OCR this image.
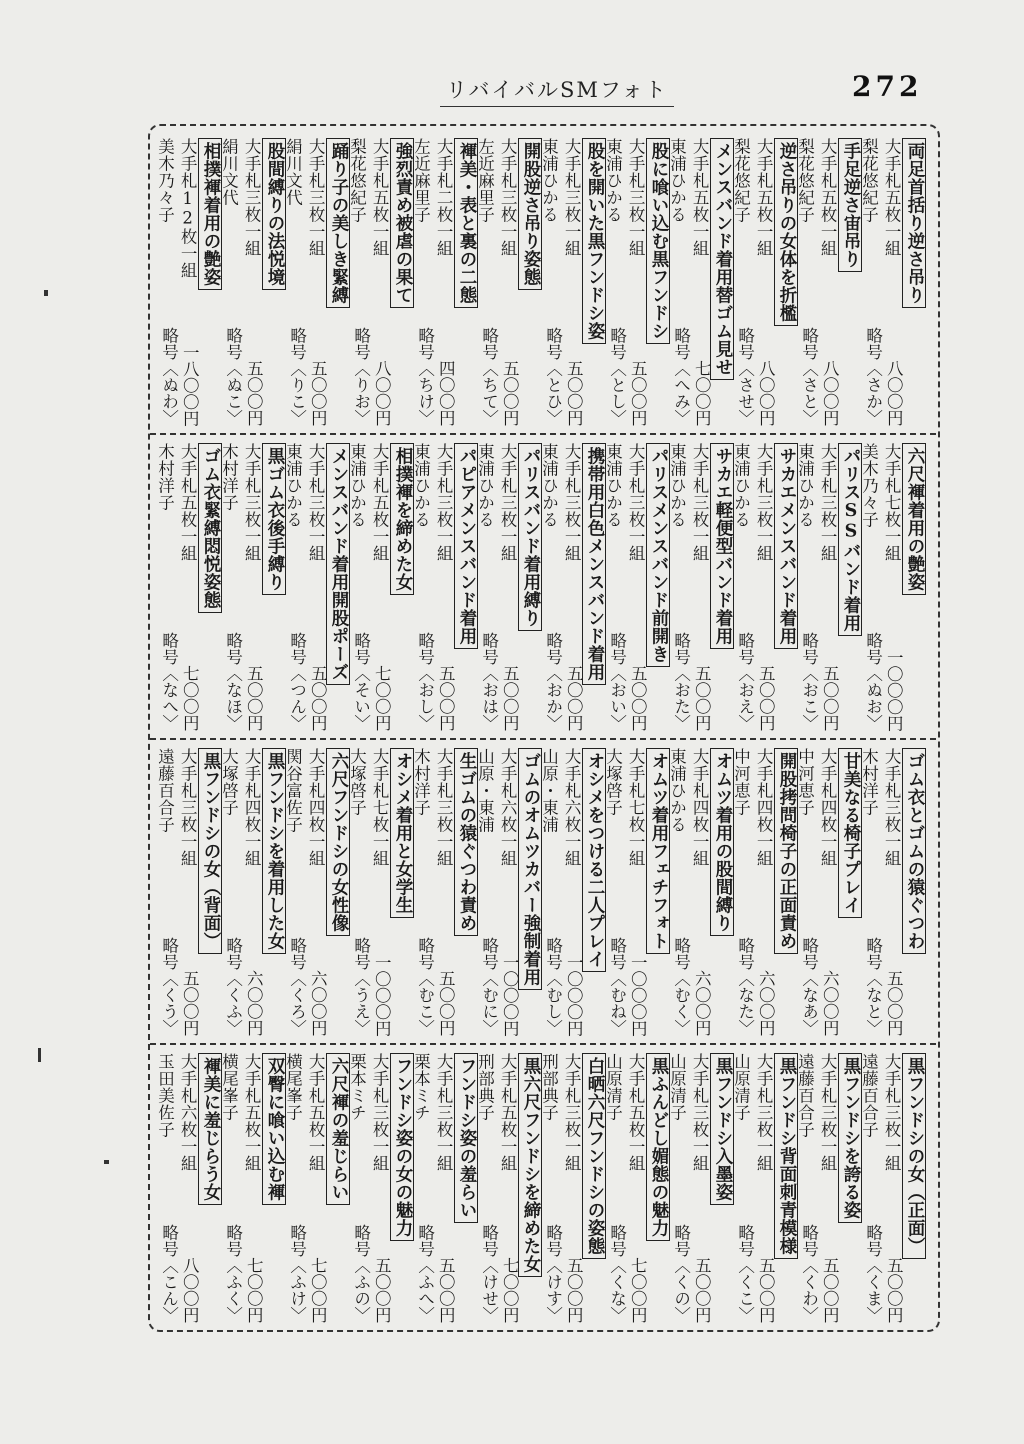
リバイバルSMフォト	272
両足首括り逆さ吊り
大手札五枚一組
梨花悠紀子
八〇〇円
略号〈さか〉
手足逆さ宙吊り
大手札五枚一組
梨花悠紀子
八〇〇円
略号〈さと〉
逆さ吊りの女体を折檻
大手札五枚一組
梨花悠紀子
八〇〇円
略号〈させ〉
メンスバンド着用替ゴム見せ
大手札五枚一組
東浦ひかる
七〇〇円
略号〈へみ〉
股に喰い込む黒フンドシ
大手札三枚一組
東浦ひかる
五〇〇円
略号〈とし〉
股を開いた黒フンドシ姿
大手札三枚一組
東浦ひかる
五〇〇円
略号〈とひ〉
開股逆さ吊り姿態
大手札三枚一組
左近麻里子
五〇〇円
略号〈ちて〉
褌美・表と裏の二態
大手札二枚一組
左近麻里子
四〇〇円
略号〈ちけ〉
強烈責め被虐の果て
大手札五枚一組
梨花悠紀子
八〇〇円
略号〈りお〉
踊り子の美しき緊縛
大手札三枚一組
絹川文代
五〇〇円
略号〈りこ〉
股間縛りの法悦境
大手札三枚一組
絹川文代
五〇〇円
略号〈ぬこ〉
相撲褌着用の艶姿
大手札12枚一組
美木乃々子
一八〇〇円
略号〈ぬわ〉
六尺褌着用の艶姿
大手札七枚一組
美木乃々子
一〇〇〇円
略号〈ぬお〉
パリスSSバンド着用
大手札三枚一組
東浦ひかる
五〇〇円
略号〈おこ〉
サカエメンスバンド着用
大手札三枚一組
東浦ひかる
五〇〇円
略号〈おえ〉
サカエ軽便型バンド着用
大手札三枚一組
東浦ひかる
五〇〇円
略号〈おた〉
パリスメンスバンド前開き
大手札三枚一組
東浦ひかる
五〇〇円
略号〈おい〉
携帯用白色メンスバンド着用
大手札三枚一組
東浦ひかる
五〇〇円
略号〈おか〉
パリスバンド着用縛り
大手札三枚一組
東浦ひかる
五〇〇円
略号〈おは〉
パピアメンスバンド着用
大手札三枚一組
東浦ひかる
五〇〇円
略号〈おし〉
相撲褌を締めた女
大手札五枚一組
東浦ひかる
七〇〇円
略号〈そい〉
メンスバンド着用開股ポーズ
大手札三枚一組
東浦ひかる
五〇〇円
略号〈つん〉
黒ゴム衣後手縛り
大手札三枚一組
木村洋子
五〇〇円
略号〈なほ〉
ゴム衣緊縛悶悦姿態
大手札五枚一組
木村洋子
七〇〇円
略号〈なへ〉
ゴム衣とゴムの猿ぐつわ
大手札三枚一組
木村洋子
五〇〇円
略号〈なと〉
甘美なる椅子プレイ
大手札四枚一組
中河恵子
六〇〇円
略号〈なあ〉
開股拷問椅子の正面責め
大手札四枚一組
中河恵子
六〇〇円
略号〈なた〉
オムツ着用の股間縛り
大手札四枚一組
東浦ひかる
六〇〇円
略号〈むく〉
オムツ着用フェチフォト
大手札七枚一組
大塚啓子
一〇〇〇円
略号〈むね〉
オシメをつける二人プレイ
大手札六枚一組
山原・東浦
一〇〇〇円
略号〈むし〉
ゴムのオムツカバー強制着用
大手札六枚一組
山原・東浦
一〇〇〇円
略号〈むに〉
生ゴムの猿ぐつわ責め
大手札三枚一組
木村洋子
五〇〇円
略号〈むこ〉
オシメ着用と女学生
大手札七枚一組
大塚啓子
一〇〇〇円
略号〈うえ〉
六尺フンドシの女性像
大手札四枚一組
関谷富佐子
六〇〇円
略号〈くろ〉
黒フンドシを着用した女
大手札四枚一組
大塚啓子
六〇〇円
略号〈くふ〉
黒フンドシの女（背面）
大手札三枚一組
遠藤百合子
五〇〇円
略号〈くう〉
黒フンドシの女（正面）
大手札三枚一組
遠藤百合子
五〇〇円
略号〈くま〉
黒フンドシを誇る姿
大手札三枚一組
遠藤百合子
五〇〇円
略号〈くわ〉
黒フンドシ背面刺青模様
大手札三枚一組
山原清子
五〇〇円
略号〈くこ〉
黒フンドシ入墨姿
大手札三枚一組
山原清子
五〇〇円
略号〈くの〉
黒ふんどし媚態の魅力
大手札五枚一組
山原清子
七〇〇円
略号〈くな〉
白晒六尺フンドシの姿態
大手札三枚一組
刑部典子
五〇〇円
略号〈けす〉
黒六尺フンドシを締めた女
大手札五枚一組
刑部典子
七〇〇円
略号〈けせ〉
フンドシ姿の羞らい
大手札三枚一組
栗本ミチ
五〇〇円
略号〈ふへ〉
フンドシ姿の女の魅力
大手札三枚一組
栗本ミチ
五〇〇円
略号〈ふの〉
六尺褌の羞じらい
大手札五枚一組
横尾峯子
七〇〇円
略号〈ふけ〉
双臀に喰い込む褌
大手札五枚一組
横尾峯子
七〇〇円
略号〈ふく〉
褌美に羞じらう女
大手札六枚一組
玉田美佐子
八〇〇円
略号〈こん〉
